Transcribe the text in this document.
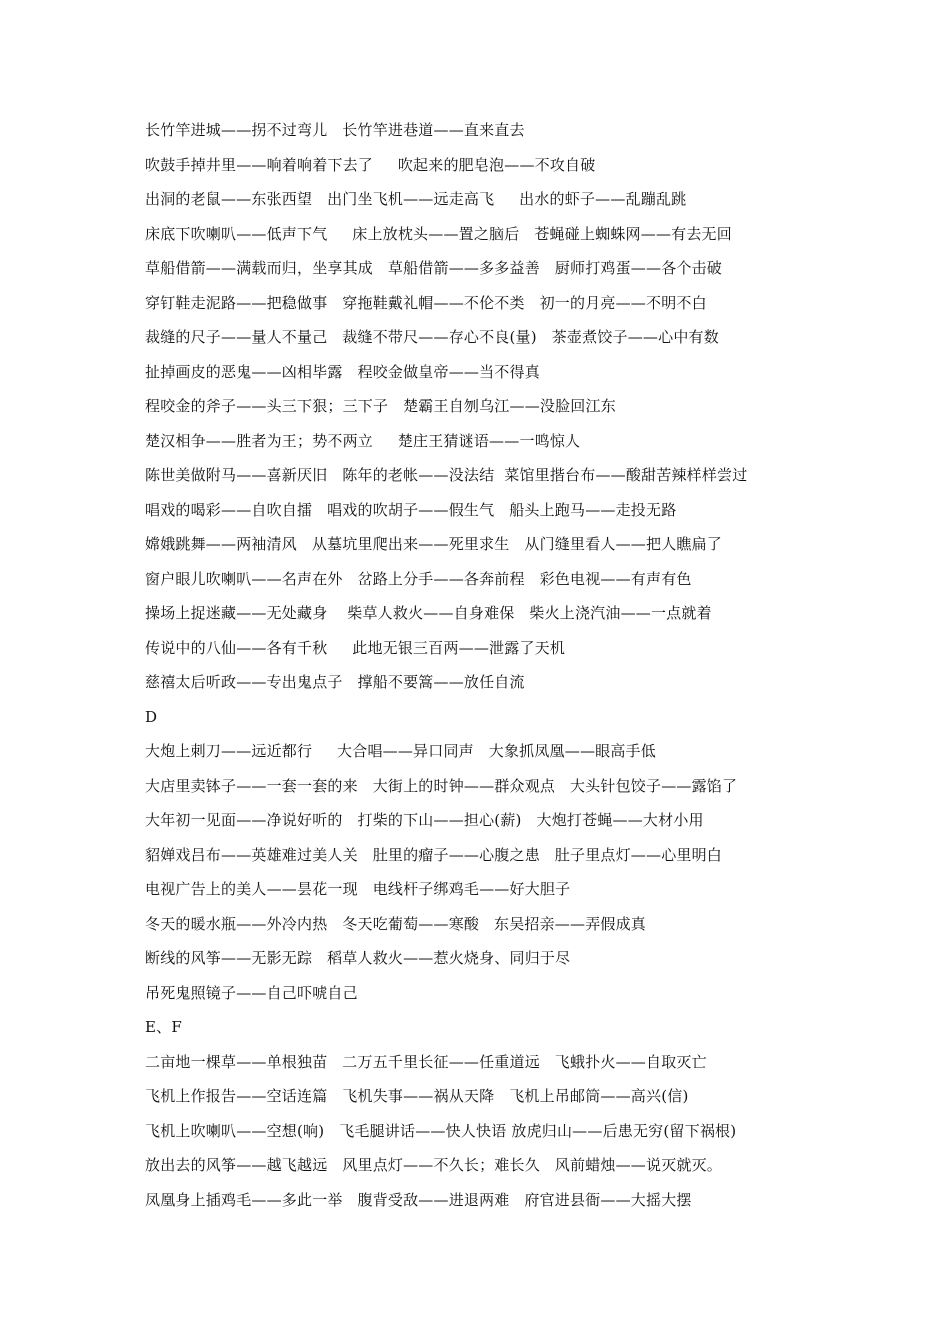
长竹竿进城——拐不过弯儿   长竹竿进巷道——直来直去
吹鼓手掉井里——响着响着下去了     吹起来的肥皂泡——不攻自破
出洞的老鼠——东张西望   出门坐飞机——远走高飞     出水的虾子——乱蹦乱跳
床底下吹喇叭——低声下气     床上放枕头——置之脑后   苍蝇碰上蜘蛛网——有去无回
草船借箭——满载而归，坐享其成   草船借箭——多多益善   厨师打鸡蛋——各个击破
穿钉鞋走泥路——把稳做事   穿拖鞋戴礼帽——不伦不类   初一的月亮——不明不白
裁缝的尺子——量人不量己   裁缝不带尺——存心不良(量)   茶壶煮饺子——心中有数
扯掉画皮的恶鬼——凶相毕露   程咬金做皇帝——当不得真
程咬金的斧子——头三下狠；三下子   楚霸王自刎乌江——没脸回江东
楚汉相争——胜者为王；势不两立     楚庄王猜谜语——一鸣惊人
陈世美做附马——喜新厌旧   陈年的老帐——没法结  菜馆里揩台布——酸甜苦辣样样尝过
唱戏的喝彩——自吹自擂   唱戏的吹胡子——假生气   船头上跑马——走投无路
嫦娥跳舞——两袖清风   从墓坑里爬出来——死里求生   从门缝里看人——把人瞧扁了
窗户眼儿吹喇叭——名声在外   岔路上分手——各奔前程   彩色电视——有声有色
操场上捉迷藏——无处藏身    柴草人救火——自身难保   柴火上浇汽油——一点就着
传说中的八仙——各有千秋     此地无银三百两——泄露了天机
慈禧太后听政——专出鬼点子   撑船不要篙——放任自流
D
大炮上刺刀——远近都行     大合唱——异口同声   大象抓凤凰——眼高手低
大店里卖钵子——一套一套的来   大街上的时钟——群众观点   大头针包饺子——露馅了
大年初一见面——净说好听的   打柴的下山——担心(薪)   大炮打苍蝇——大材小用
貂婵戏吕布——英雄难过美人关   肚里的瘤子——心腹之患   肚子里点灯——心里明白
电视广告上的美人——昙花一现   电线杆子绑鸡毛——好大胆子
冬天的暖水瓶——外冷内热   冬天吃葡萄——寒酸   东吴招亲——弄假成真
断线的风筝——无影无踪   稻草人救火——惹火烧身、同归于尽
吊死鬼照镜子——自己吓唬自己
E、F
二亩地一棵草——单根独苗   二万五千里长征——任重道远   飞蛾扑火——自取灭亡
飞机上作报告——空话连篇   飞机失事——祸从天降   飞机上吊邮筒——高兴(信)
飞机上吹喇叭——空想(响)   飞毛腿讲话——快人快语 放虎归山——后患无穷(留下祸根)
放出去的风筝——越飞越远   风里点灯——不久长；难长久   风前蜡烛——说灭就灭。
凤凰身上插鸡毛——多此一举   腹背受敌——进退两难   府官进县衙——大摇大摆
